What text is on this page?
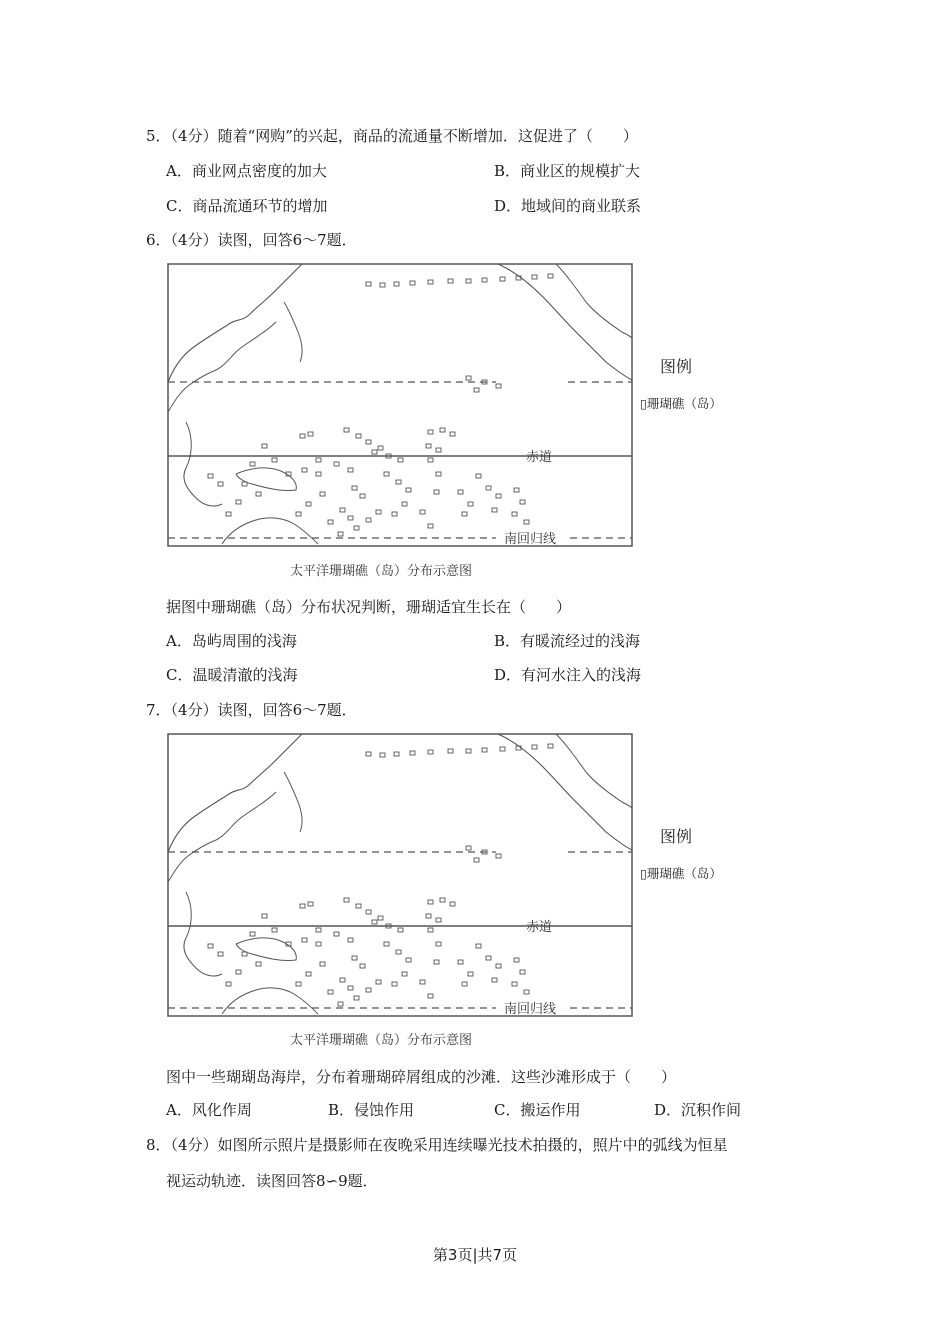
5．（4分）随着“网购”的兴起，商品的流通量不断增加．这促进了（　　）
A．商业网点密度的加大	B．商业区的规模扩大
C．商品流通环节的增加	D．地域间的商业联系
6．（4分）读图，回答6～7题．
赤道
南回归线
图例
▯珊瑚礁（岛）
太平洋珊瑚礁（岛）分布示意图
据图中珊瑚礁（岛）分布状况判断，珊瑚适宜生长在（　　）
A．岛屿周围的浅海	B．有暖流经过的浅海
C．温暖清澈的浅海	D．有河水注入的浅海
7．（4分）读图，回答6～7题．
赤道
南回归线
图例
▯珊瑚礁（岛）
太平洋珊瑚礁（岛）分布示意图
图中一些瑚瑚岛海岸，分布着珊瑚碎屑组成的沙滩．这些沙滩形成于（　　）
A．风化作周	B．侵蚀作用	C．搬运作用	D．沉积作间
8．（4分）如图所示照片是摄影师在夜晚采用连续曝光技术拍摄的，照片中的弧线为恒星
视运动轨迹．读图回答8∽9题．
第3页|共7页
